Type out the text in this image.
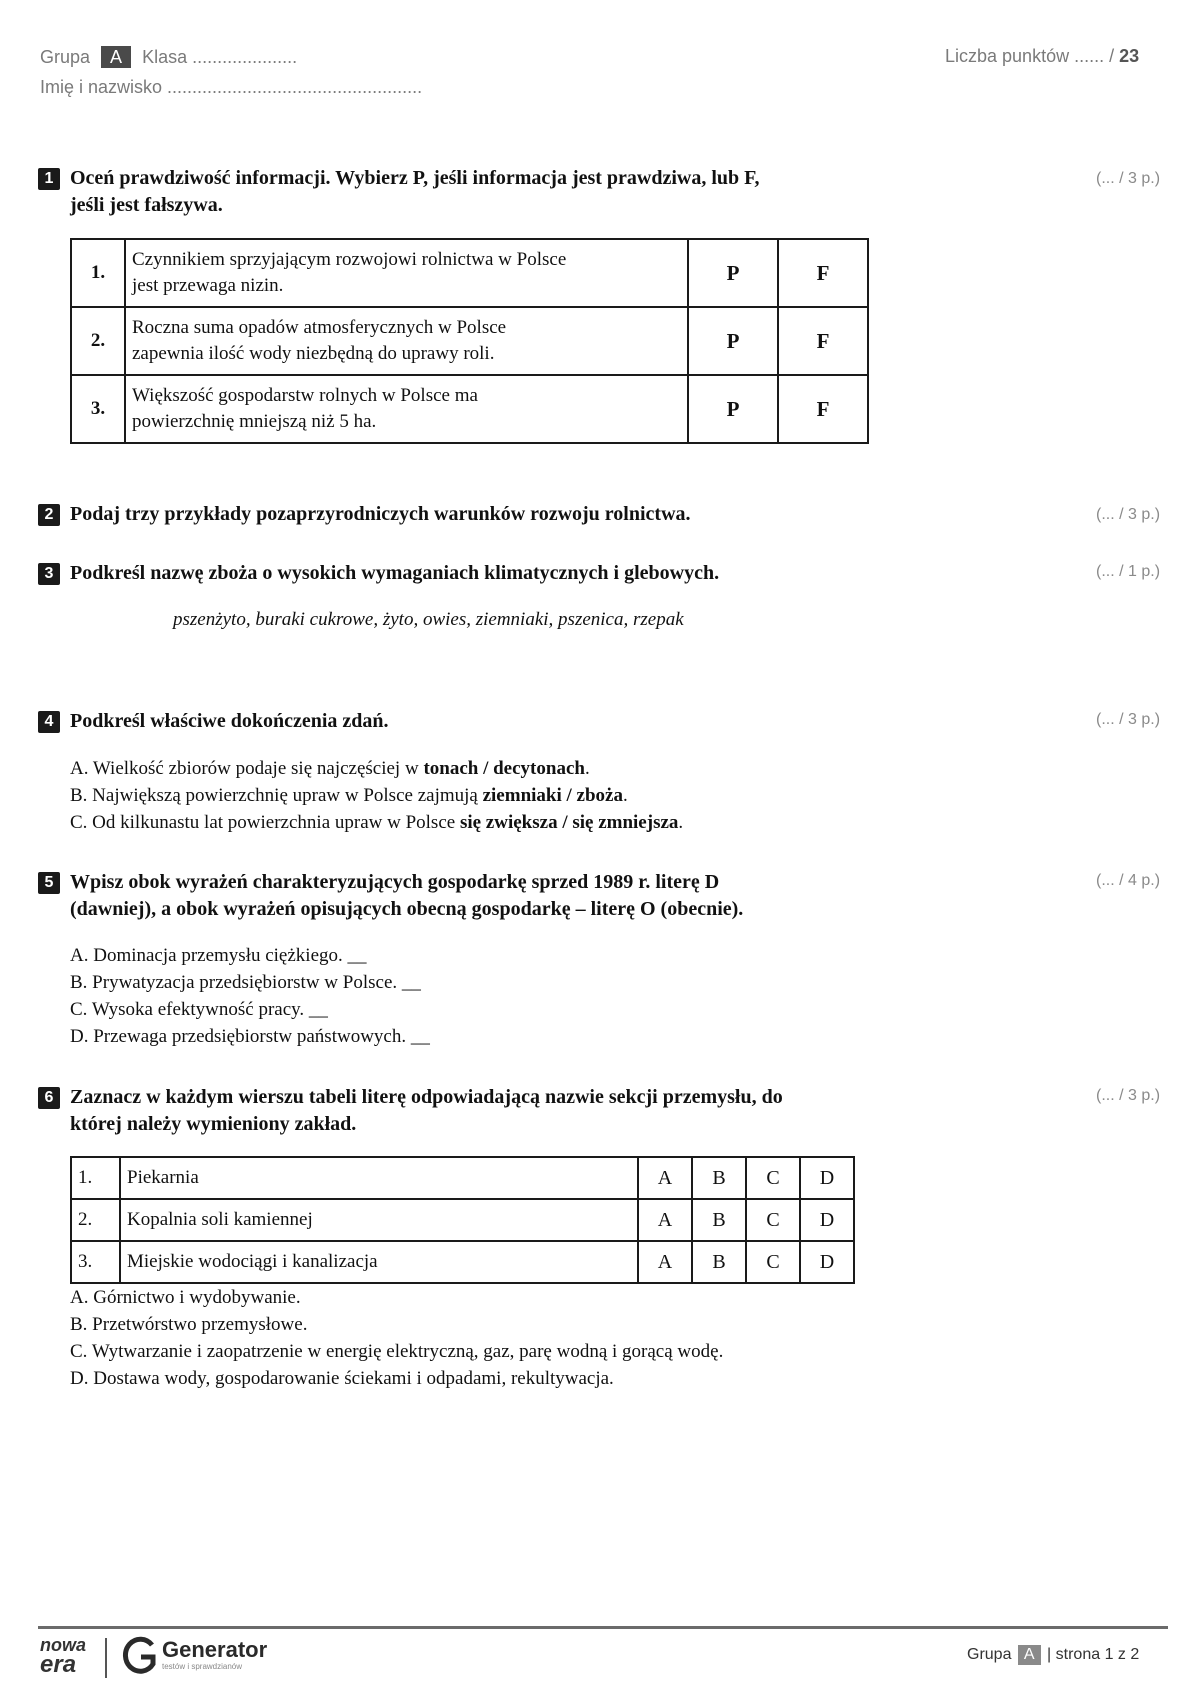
Grupa A Klasa .....................
Imię i nazwisko ...................................................
Liczba punktów ...... / 23
1 Oceń prawdziwość informacji. Wybierz P, jeśli informacja jest prawdziwa, lub F,
jeśli jest fałszywa.
(... / 3 p.)
1.	Czynnikiem sprzyjającym rozwojowi rolnictwa w Polsce
jest przewaga nizin.	P	F
2.	Roczna suma opadów atmosferycznych w Polsce
zapewnia ilość wody niezbędną do uprawy roli.	P	F
3.	Większość gospodarstw rolnych w Polsce ma
powierzchnię mniejszą niż 5 ha.	P	F
2 Podaj trzy przykłady pozaprzyrodniczych warunków rozwoju rolnictwa.	(... / 3 p.)
3 Podkreśl nazwę zboża o wysokich wymaganiach klimatycznych i glebowych.	(... / 1 p.)
pszenżyto, buraki cukrowe, żyto, owies, ziemniaki, pszenica, rzepak
4 Podkreśl właściwe dokończenia zdań.	(... / 3 p.)
A. Wielkość zbiorów podaje się najczęściej w tonach / decytonach.
B. Największą powierzchnię upraw w Polsce zajmują ziemniaki / zboża.
C. Od kilkunastu lat powierzchnia upraw w Polsce się zwiększa / się zmniejsza.
5 Wpisz obok wyrażeń charakteryzujących gospodarkę sprzed 1989 r. literę D
(dawniej), a obok wyrażeń opisujących obecną gospodarkę – literę O (obecnie).
(... / 4 p.)
A. Dominacja przemysłu ciężkiego. __
B. Prywatyzacja przedsiębiorstw w Polsce. __
C. Wysoka efektywność pracy. __
D. Przewaga przedsiębiorstw państwowych. __
6 Zaznacz w każdym wierszu tabeli literę odpowiadającą nazwie sekcji przemysłu, do
której należy wymieniony zakład.
(... / 3 p.)
1.	Piekarnia	A	B	C	D
2.	Kopalnia soli kamiennej	A	B	C	D
3.	Miejskie wodociągi i kanalizacja	A	B	C	D
A. Górnictwo i wydobywanie.
B. Przetwórstwo przemysłowe.
C. Wytwarzanie i zaopatrzenie w energię elektryczną, gaz, parę wodną i gorącą wodę.
D. Dostawa wody, gospodarowanie ściekami i odpadami, rekultywacja.
nowa
era
Generator
testów i sprawdzianów
Grupa A | strona 1 z 2
